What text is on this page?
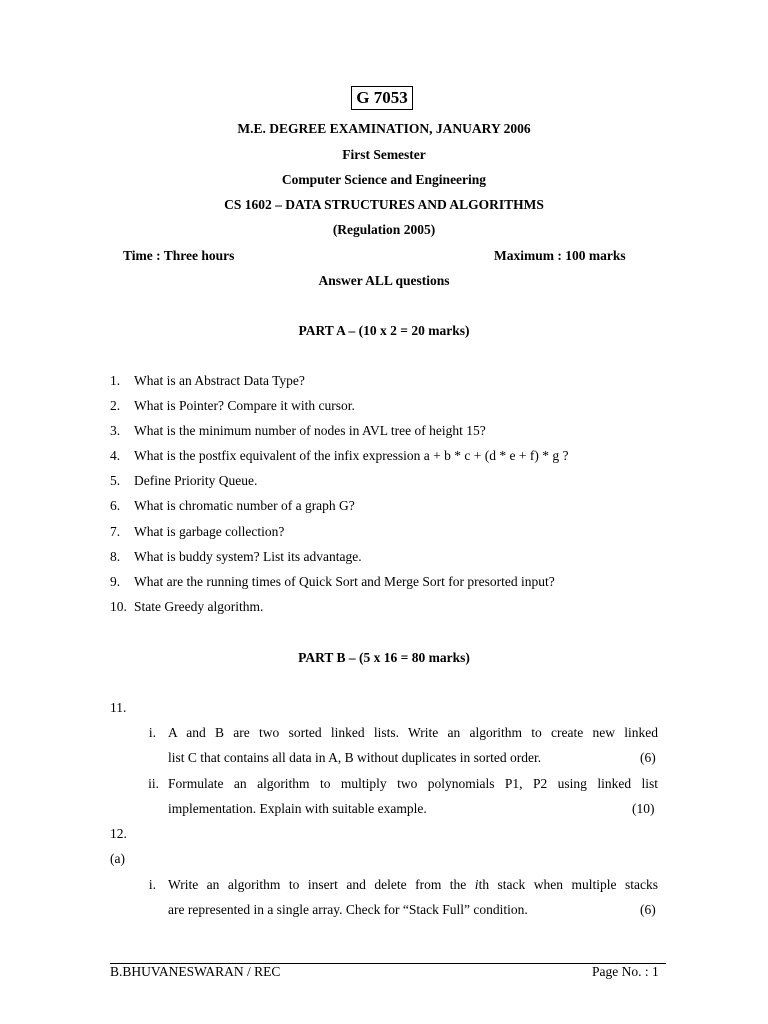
G 7053
M.E. DEGREE EXAMINATION, JANUARY 2006
First Semester
Computer Science and Engineering
CS 1602 – DATA STRUCTURES AND ALGORITHMS
(Regulation 2005)
Time : Three hours	Maximum : 100 marks
Answer ALL questions
PART A – (10 x 2 = 20 marks)
1. What is an Abstract Data Type?
2. What is Pointer? Compare it with cursor.
3. What is the minimum number of nodes in AVL tree of height 15?
4. What is the postfix equivalent of the infix expression a + b * c + (d * e + f) * g ?
5. Define Priority Queue.
6. What is chromatic number of a graph G?
7. What is garbage collection?
8. What is buddy system? List its advantage.
9. What are the running times of Quick Sort and Merge Sort for presorted input?
10. State Greedy algorithm.
PART B – (5 x 16 = 80 marks)
11.
i. A and B are two sorted linked lists. Write an algorithm to create new linked
list C that contains all data in A, B without duplicates in sorted order.	(6)
ii. Formulate an algorithm to multiply two polynomials P1, P2 using linked list
implementation. Explain with suitable example.	(10)
12.
(a)
i. Write an algorithm to insert and delete from the ith stack when multiple stacks
are represented in a single array. Check for “Stack Full” condition.	(6)
B.BHUVANESWARAN / REC	Page No. : 1
